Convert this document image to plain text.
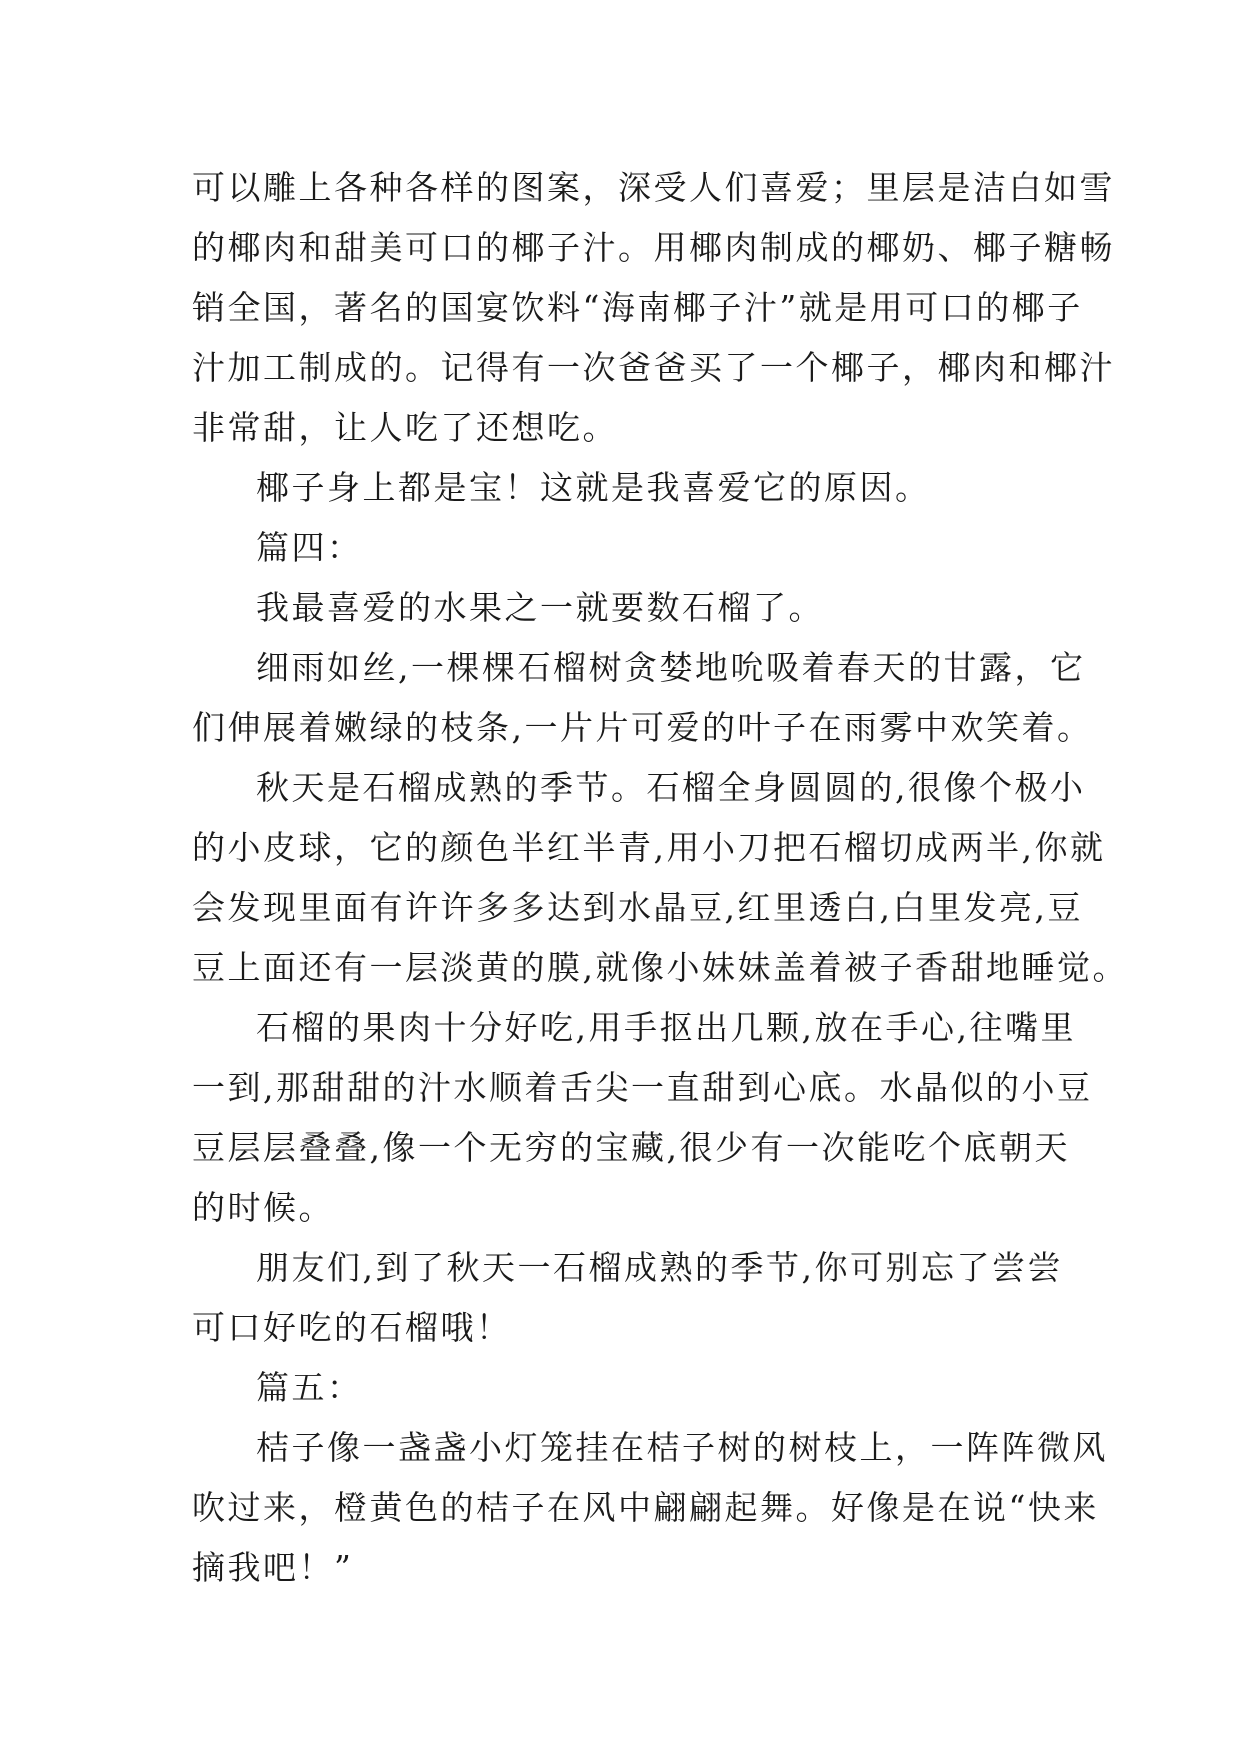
可以雕上各种各样的图案，深受人们喜爱；里层是洁白如雪
的椰肉和甜美可口的椰子汁。用椰肉制成的椰奶、椰子糖畅
销全国，著名的国宴饮料“海南椰子汁”就是用可口的椰子
汁加工制成的。记得有一次爸爸买了一个椰子，椰肉和椰汁
非常甜，让人吃了还想吃。
椰子身上都是宝！这就是我喜爱它的原因。
篇四：
我最喜爱的水果之一就要数石榴了。
细雨如丝,一棵棵石榴树贪婪地吮吸着春天的甘露，它
们伸展着嫩绿的枝条,一片片可爱的叶子在雨雾中欢笑着。
秋天是石榴成熟的季节。石榴全身圆圆的,很像个极小
的小皮球，它的颜色半红半青,用小刀把石榴切成两半,你就
会发现里面有许许多多达到水晶豆,红里透白,白里发亮,豆
豆上面还有一层淡黄的膜,就像小妹妹盖着被子香甜地睡觉。
石榴的果肉十分好吃,用手抠出几颗,放在手心,往嘴里
一到,那甜甜的汁水顺着舌尖一直甜到心底。水晶似的小豆
豆层层叠叠,像一个无穷的宝藏,很少有一次能吃个底朝天
的时候。
朋友们,到了秋天一石榴成熟的季节,你可别忘了尝尝
可口好吃的石榴哦！
篇五：
桔子像一盏盏小灯笼挂在桔子树的树枝上，一阵阵微风
吹过来，橙黄色的桔子在风中翩翩起舞。好像是在说“快来
摘我吧！”
